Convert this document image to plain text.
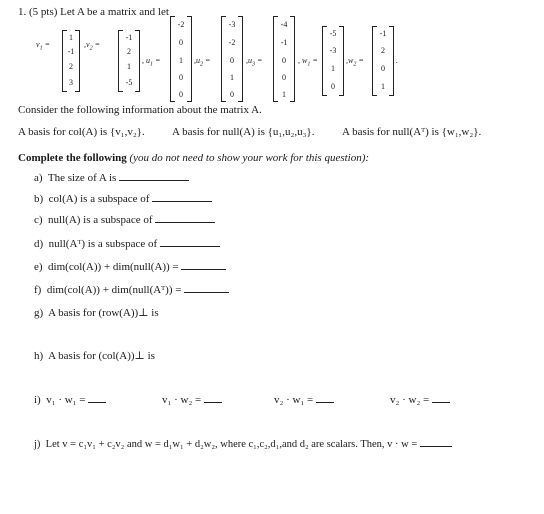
1. (5 pts) Let A be a matrix and let
$v_1$ =
1
-1
2
3
$,v_2$ =
-1
2
1
-5
, $u_1$ =
-2
0
1
0
0
$,u_2$ =
-3
-2
0
1
0
$,u_3$ =
-4
-1
0
0
1
, $w_1$ =
-5
-3
1
0
$,w_2$ =
-1
2
0
1
.
Consider the following information about the matrix A.
A basis for col(A) is {v₁,v₂}. A basis for null(A) is {u₁,u₂,u₃}.	A basis for null(Aᵀ) is {w₁,w₂}.
Complete the following (you do not need to show your work for this question):
a) The size of A is
b) col(A) is a subspace of
c) null(A) is a subspace of
d) null(Aᵀ) is a subspace of
e) dim(col(A)) + dim(null(A)) =
f) dim(col(A)) + dim(null(Aᵀ)) =
g) A basis for (row(A))⊥ is
h) A basis for (col(A))⊥ is
i) v₁ · w₁ =	v₁ · w₂ =	v₂ · w₁ =	v₂ · w₂ =
j) Let v = c₁v₁ + c₂v₂ and w = d₁w₁ + d₂w₂, where c₁,c₂,d₁,and d₂ are scalars. Then, v · w =
